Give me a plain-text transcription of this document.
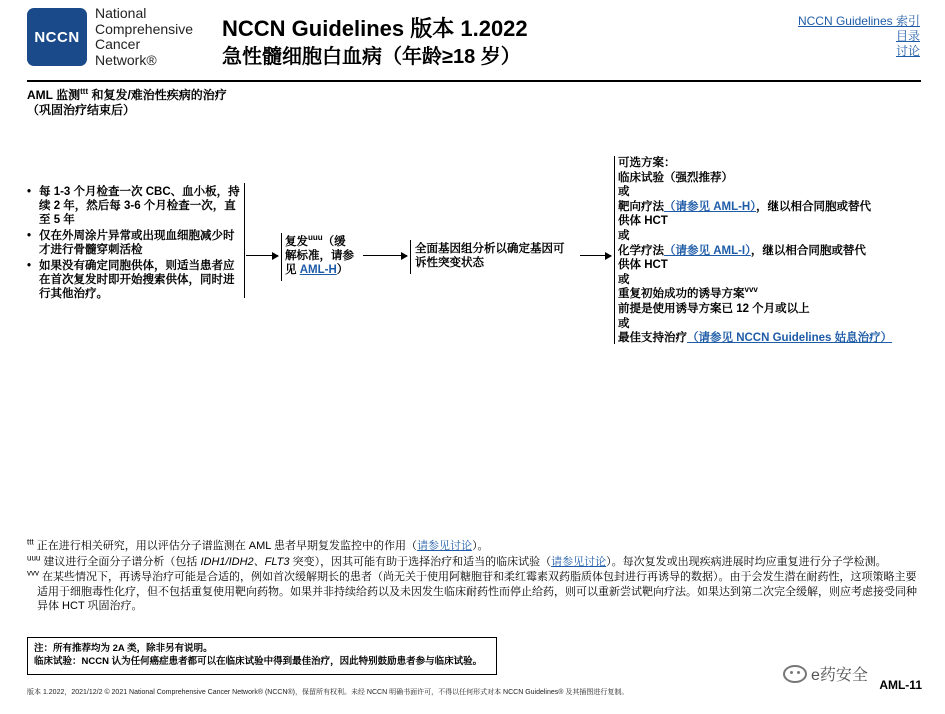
NCCN
National
Comprehensive
Cancer
Network®
NCCN Guidelines 版本 1.2022
急性髓细胞白血病（年龄≥18 岁）
NCCN Guidelines 索引
目录
讨论
AML 监测$^{ttt}$ 和复发/难治性疾病的治疗
（巩固治疗结束后）
• 每 1-3 个月检查一次 CBC、血小板，持续 2 年，然后每 3-6 个月检查一次，直至 5 年
• 仅在外周涂片异常或出现血细胞减少时才进行骨髓穿刺活检
• 如果没有确定同胞供体，则适当患者应在首次复发时即开始搜索供体，同时进行其他治疗。
复发$^{uuu}$（缓解标准，请参见 AML-H）
全面基因组分析以确定基因可诉性突变状态
可选方案：
临床试验（强烈推荐）
或
靶向疗法（请参见 AML-H），继以相合同胞或替代
供体 HCT
或
化学疗法（请参见 AML-I），继以相合同胞或替代
供体 HCT
或
重复初始成功的诱导方案$^{vvv}$
前提是使用诱导方案已 12 个月或以上
或
最佳支持治疗（请参见 NCCN Guidelines 姑息治疗）

$^{ttt}$ 正在进行相关研究，用以评估分子谱监测在 AML 患者早期复发监控中的作用（请参见讨论）。

$^{uuu}$ 建议进行全面分子谱分析（包括 IDH1/IDH2、FLT3 突变），因其可能有助于选择治疗和适当的临床试验（请参见讨论）。每次复发或出现疾病进展时均应重复进行分子学检测。

$^{vvv}$ 在某些情况下，再诱导治疗可能是合适的，例如首次缓解期长的患者（尚无关于使用阿糖胞苷和柔红霉素双药脂质体包封进行再诱导的数据）。由于会发生潜在耐药性，这项策略主要适用于细胞毒性化疗，但不包括重复使用靶向药物。如果并非持续给药以及未因发生临床耐药性而停止给药，则可以重新尝试靶向疗法。如果达到第二次完全缓解，则应考虑接受同种异体 HCT 巩固治疗。

注：所有推荐均为 2A 类，除非另有说明。
临床试验：NCCN 认为任何癌症患者都可以在临床试验中得到最佳治疗，因此特别鼓励患者参与临床试验。
版本 1.2022，2021/12/2 © 2021 National Comprehensive Cancer Network® (NCCN®)，保留所有权利。未经 NCCN 明确书面许可，不得以任何形式对本 NCCN Guidelines® 及其插图进行复制。
e药安全
AML-11
